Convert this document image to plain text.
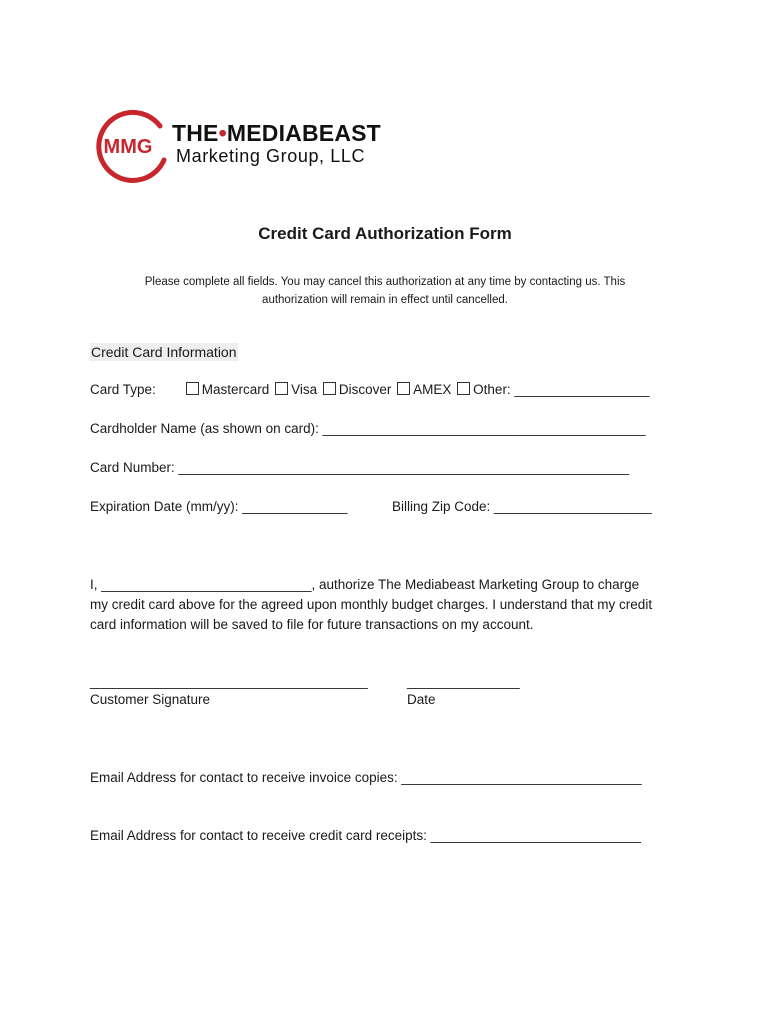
MMG
THE•MEDIABEAST
Marketing Group, LLC
Credit Card Authorization Form
Please complete all fields. You may cancel this authorization at any time by contacting us. This
authorization will remain in effect until cancelled.
Credit Card Information
Card Type:	Mastercard Visa Discover AMEX Other: __________________
Cardholder Name (as shown on card): ___________________________________________
Card Number: ____________________________________________________________
Expiration Date (mm/yy): ______________	Billing Zip Code: _____________________
I, ____________________________, authorize The Mediabeast Marketing Group to charge
my credit card above for the agreed upon monthly budget charges. I understand that my credit
card information will be saved to file for future transactions on my account.
_____________________________________
Customer Signature
_______________
Date
Email Address for contact to receive invoice copies: ________________________________
Email Address for contact to receive credit card receipts: ____________________________
